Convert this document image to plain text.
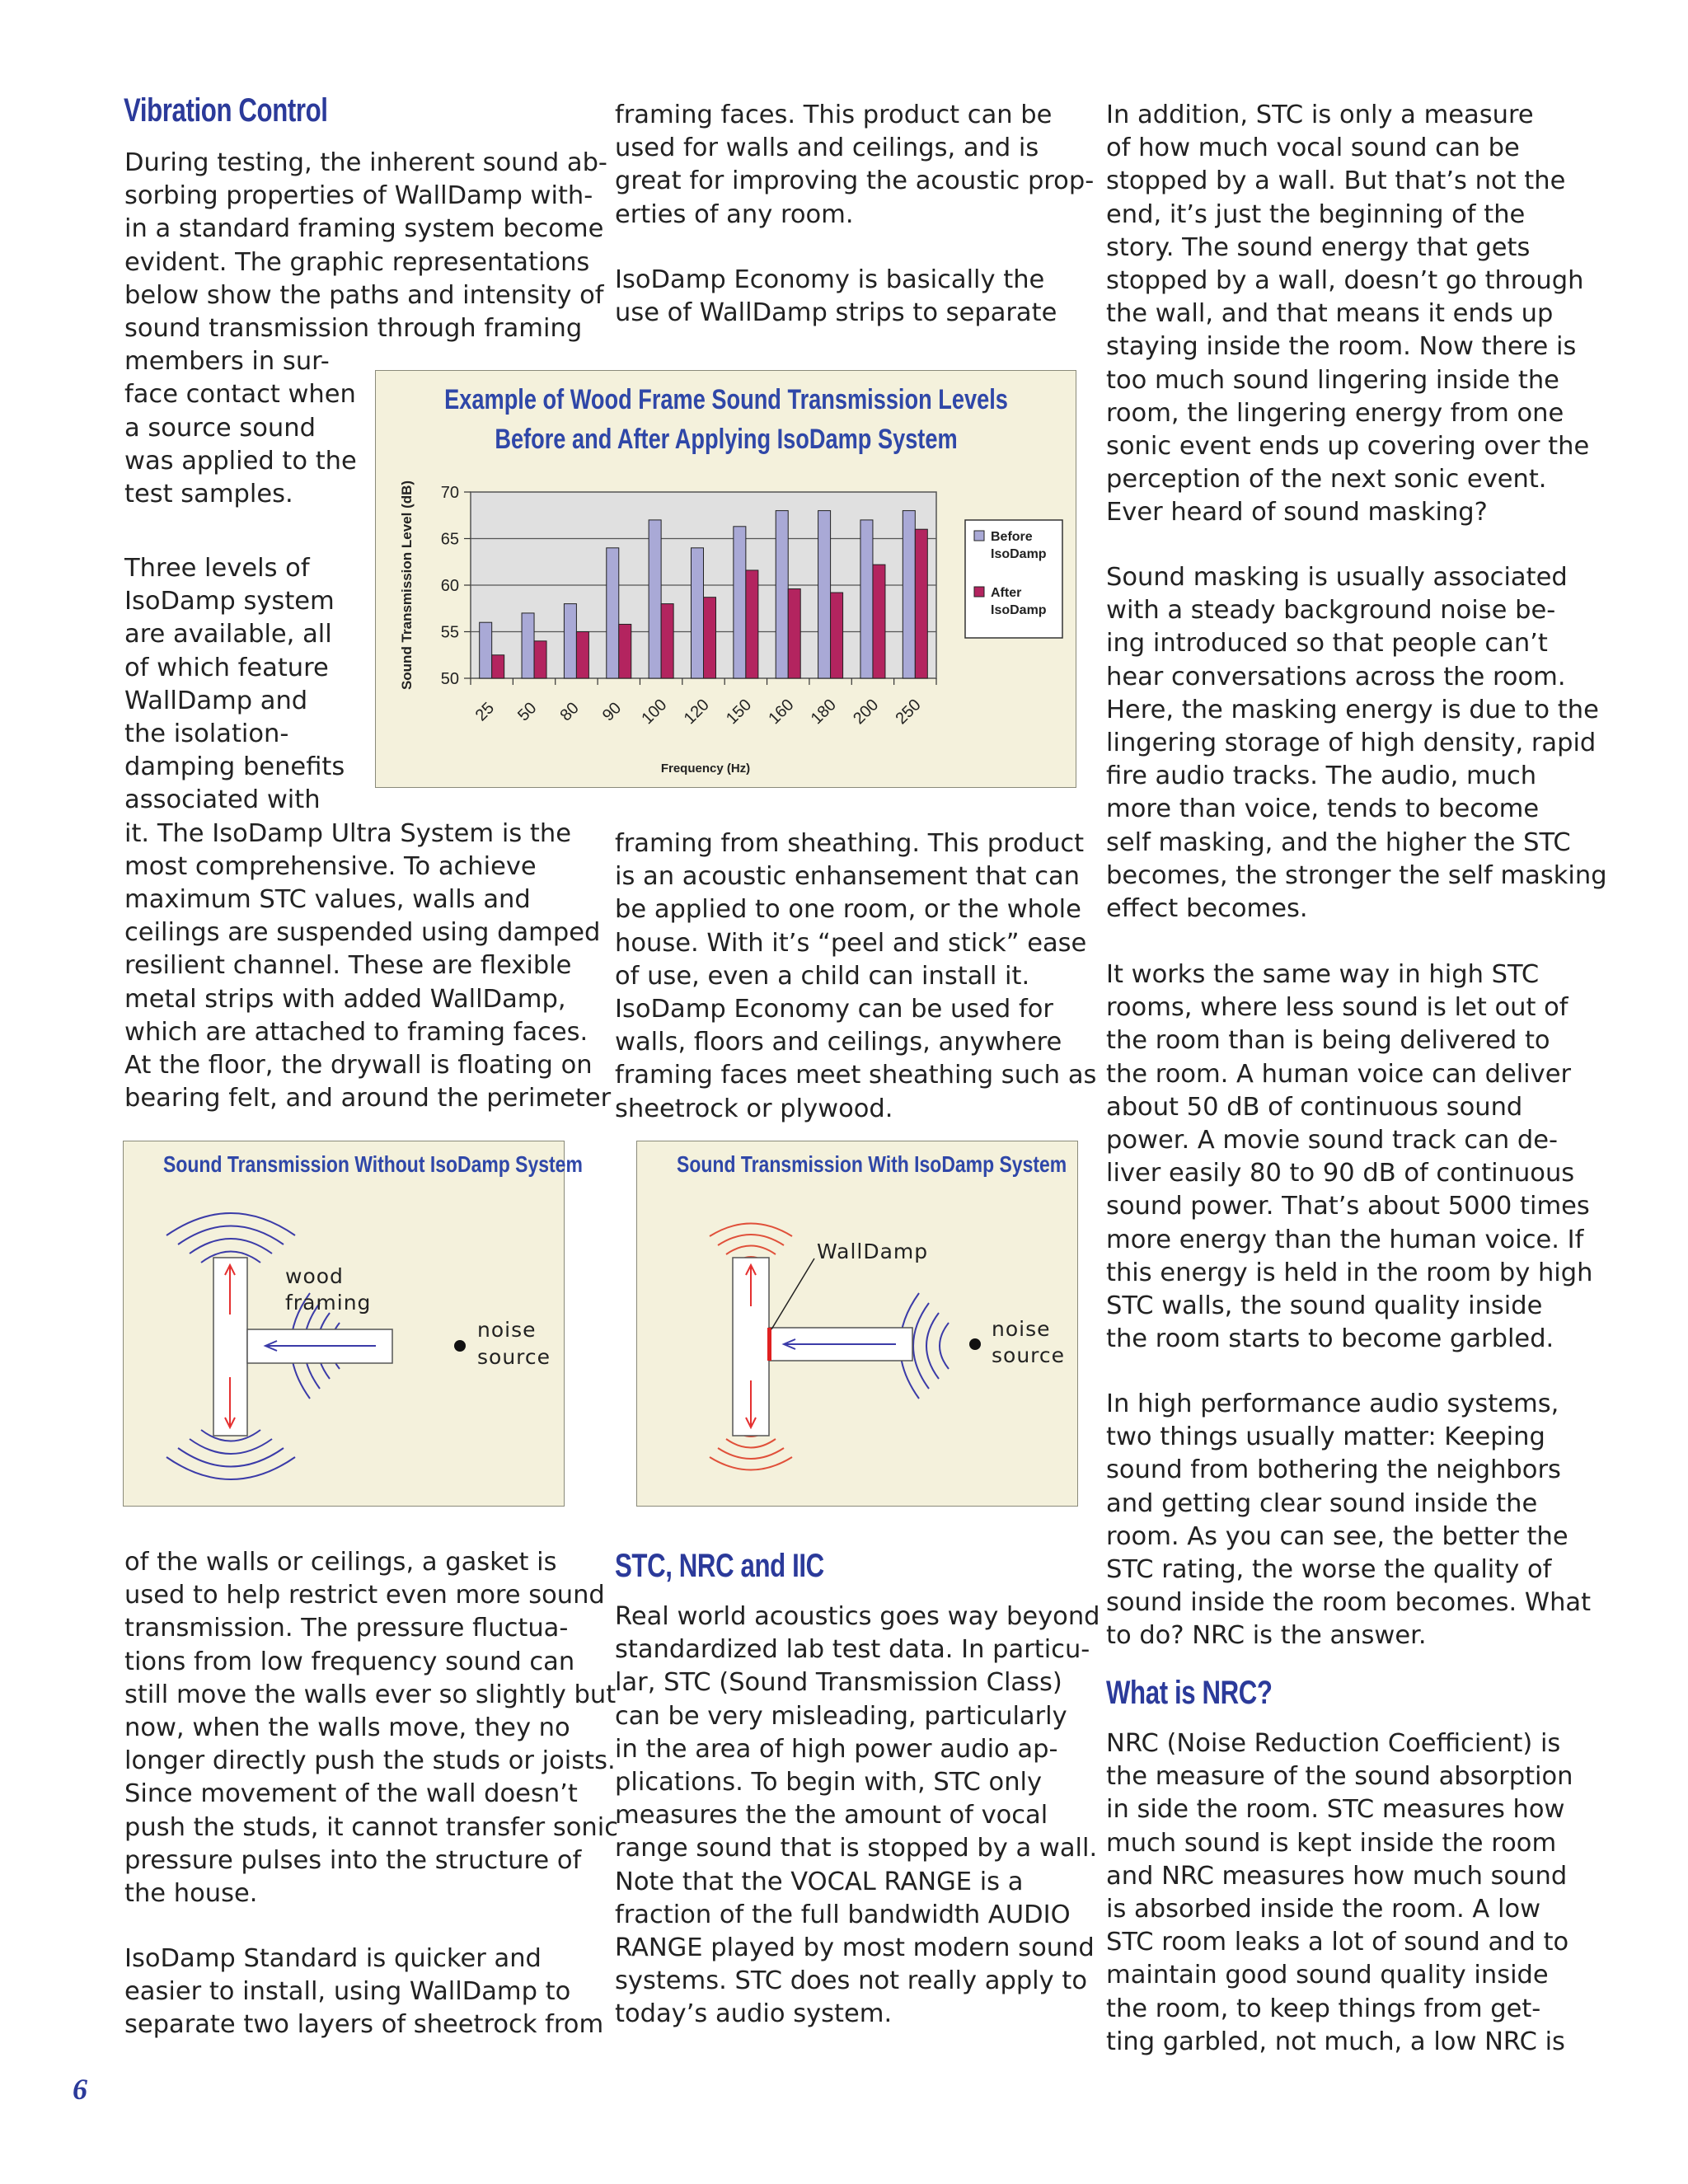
Vibration Control
During testing, the inherent sound ab-
sorbing properties of WallDamp with-
in a standard framing system become
evident. The graphic representations
below show the paths and intensity of
sound transmission through framing
members in sur-
face contact when
a source sound
was applied to the
test samples.
Three levels of
IsoDamp system
are available, all
of which feature
WallDamp and
the isolation-
damping benefits
associated with
it. The IsoDamp Ultra System is the
most comprehensive. To achieve
maximum STC values, walls and
ceilings are suspended using damped
resilient channel. These are flexible
metal strips with added WallDamp,
which are attached to framing faces.
At the floor, the drywall is floating on
bearing felt, and around the perimeter
of the walls or ceilings, a gasket is
used to help restrict even more sound
transmission. The pressure fluctua-
tions from low frequency sound can
still move the walls ever so slightly but
now, when the walls move, they no
longer directly push the studs or joists.
Since movement of the wall doesn’t
push the studs, it cannot transfer sonic
pressure pulses into the structure of
the house.
IsoDamp Standard is quicker and
easier to install, using WallDamp to
separate two layers of sheetrock from
framing faces. This product can be
used for walls and ceilings, and is
great for improving the acoustic prop-
erties of any room.
IsoDamp Economy is basically the
use of WallDamp strips to separate
framing from sheathing. This product
is an acoustic enhansement that can
be applied to one room, or the whole
house. With it’s “peel and stick” ease
of use, even a child can install it.
IsoDamp Economy can be used for
walls, floors and ceilings, anywhere
framing faces meet sheathing such as
sheetrock or plywood.
STC, NRC and IIC
Real world acoustics goes way beyond
standardized lab test data. In particu-
lar, STC (Sound Transmission Class)
can be very misleading, particularly
in the area of high power audio ap-
plications. To begin with, STC only
measures the the amount of vocal
range sound that is stopped by a wall.
Note that the VOCAL RANGE is a
fraction of the full bandwidth AUDIO
RANGE played by most modern sound
systems. STC does not really apply to
today’s audio system.
In addition, STC is only a measure
of how much vocal sound can be
stopped by a wall. But that’s not the
end, it’s just the beginning of the
story. The sound energy that gets
stopped by a wall, doesn’t go through
the wall, and that means it ends up
staying inside the room. Now there is
too much sound lingering inside the
room, the lingering energy from one
sonic event ends up covering over the
perception of the next sonic event.
Ever heard of sound masking?
Sound masking is usually associated
with a steady background noise be-
ing introduced so that people can’t
hear conversations across the room.
Here, the masking energy is due to the
lingering storage of high density, rapid
fire audio tracks. The audio, much
more than voice, tends to become
self masking, and the higher the STC
becomes, the stronger the self masking
effect becomes.
It works the same way in high STC
rooms, where less sound is let out of
the room than is being delivered to
the room. A human voice can deliver
about 50 dB of continuous sound
power. A movie sound track can de-
liver easily 80 to 90 dB of continuous
sound power. That’s about 5000 times
more energy than the human voice. If
this energy is held in the room by high
STC walls, the sound quality inside
the room starts to become garbled.
In high performance audio systems,
two things usually matter: Keeping
sound from bothering the neighbors
and getting clear sound inside the
room. As you can see, the better the
STC rating, the worse the quality of
sound inside the room becomes. What
to do? NRC is the answer.
What is NRC?
NRC (Noise Reduction Coefficient) is
the measure of the sound absorption
in side the room. STC measures how
much sound is kept inside the room
and NRC measures how much sound
is absorbed inside the room. A low
STC room leaks a lot of sound and to
maintain good sound quality inside
the room, to keep things from get-
ting garbled, not much, a low NRC is
Example of Wood Frame Sound Transmission Levels
Before and After Applying IsoDamp System
50
55
60
65
70
25 50 80 90 100 120 150 160 180 200 250
Sound Transmission Level (dB)
Frequency (Hz)
Before
IsoDamp
After
IsoDamp
Sound Transmission Without IsoDamp System
wood
framing
noise
source
Sound Transmission With IsoDamp System
WallDamp
noise
source
6
